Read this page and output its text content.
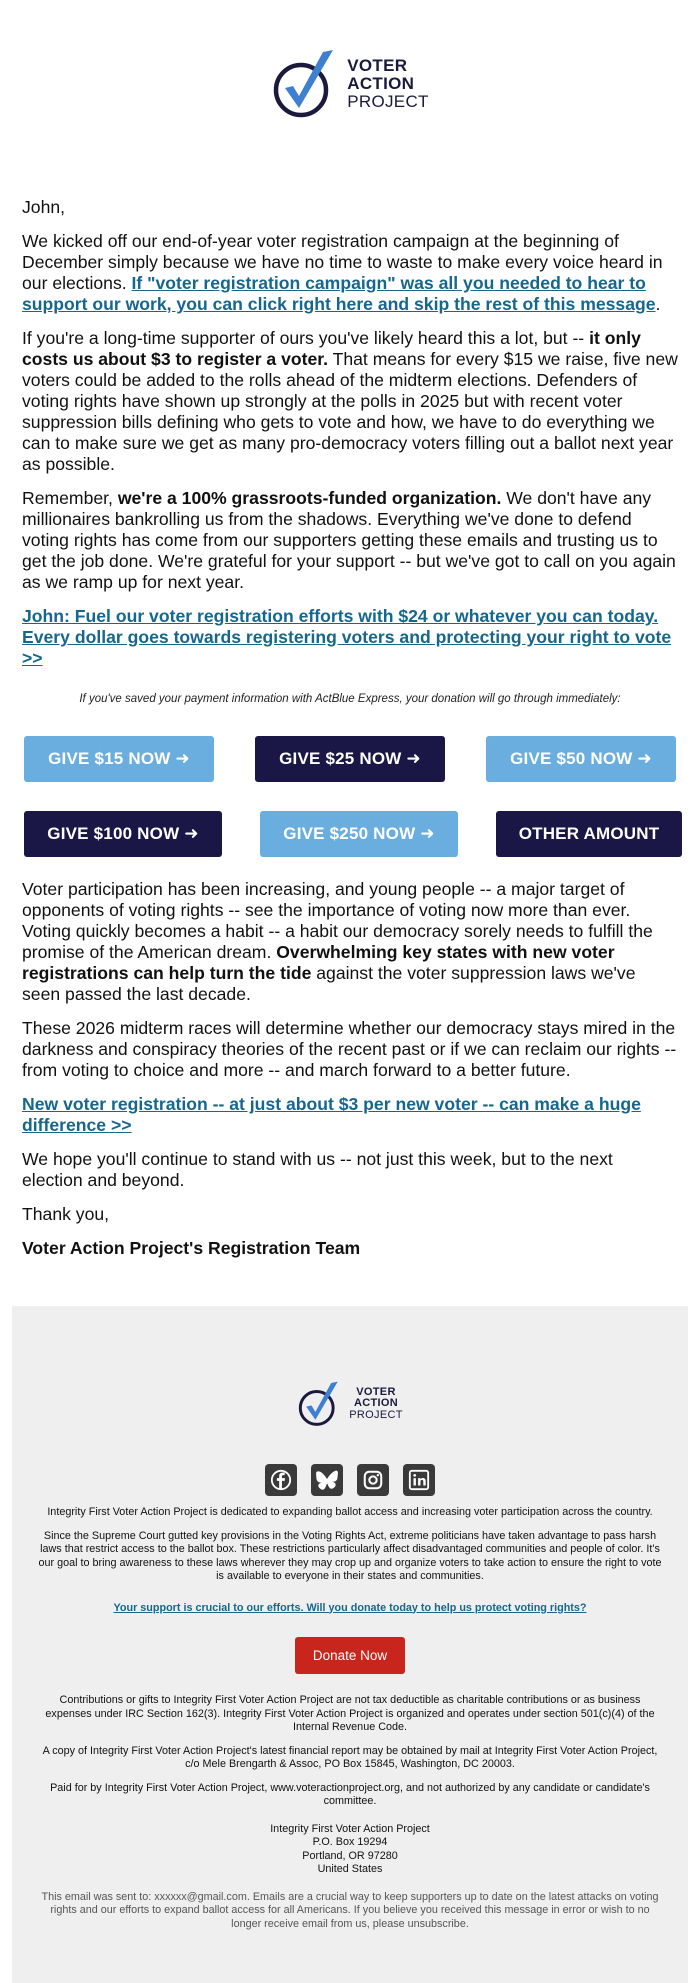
VOTER
ACTION
PROJECT

John,

We kicked off our end-of-year voter registration campaign at the beginning of December simply because we have no time to waste to make every voice heard in our elections. If "voter registration campaign" was all you needed to hear to support our work, you can click right here and skip the rest of this message.

If you're a long-time supporter of ours you've likely heard this a lot, but -- it only costs us about $3 to register a voter. That means for every $15 we raise, five new voters could be added to the rolls ahead of the midterm elections. Defenders of voting rights have shown up strongly at the polls in 2025 but with recent voter suppression bills defining who gets to vote and how, we have to do everything we can to make sure we get as many pro-democracy voters filling out a ballot next year as possible.

Remember, we're a 100% grassroots-funded organization. We don't have any millionaires bankrolling us from the shadows. Everything we've done to defend voting rights has come from our supporters getting these emails and trusting us to get the job done. We're grateful for your support -- but we've got to call on you again as we ramp up for next year.

John: Fuel our voter registration efforts with $24 or whatever you can today. Every dollar goes towards registering voters and protecting your right to vote >>
If you've saved your payment information with ActBlue Express, your donation will go through immediately:
GIVE $15 NOW ➜	GIVE $25 NOW ➜	GIVE $50 NOW ➜
GIVE $100 NOW ➜	GIVE $250 NOW ➜	OTHER AMOUNT

Voter participation has been increasing, and young people -- a major target of opponents of voting rights -- see the importance of voting now more than ever. Voting quickly becomes a habit -- a habit our democracy sorely needs to fulfill the promise of the American dream. Overwhelming key states with new voter registrations can help turn the tide against the voter suppression laws we've seen passed the last decade.

These 2026 midterm races will determine whether our democracy stays mired in the darkness and conspiracy theories of the recent past or if we can reclaim our rights -- from voting to choice and more -- and march forward to a better future.

New voter registration -- at just about $3 per new voter -- can make a huge difference >>

We hope you'll continue to stand with us -- not just this week, but to the next election and beyond.

Thank you,

Voter Action Project's Registration Team

VOTER
ACTION
PROJECT

Integrity First Voter Action Project is dedicated to expanding ballot access and increasing voter participation across the country.

Since the Supreme Court gutted key provisions in the Voting Rights Act, extreme politicians have taken advantage to pass harsh laws that restrict access to the ballot box. These restrictions particularly affect disadvantaged communities and people of color. It's our goal to bring awareness to these laws wherever they may crop up and organize voters to take action to ensure the right to vote is available to everyone in their states and communities.

Your support is crucial to our efforts. Will you donate today to help us protect voting rights?
Donate Now

Contributions or gifts to Integrity First Voter Action Project are not tax deductible as charitable contributions or as business expenses under IRC Section 162(3). Integrity First Voter Action Project is organized and operates under section 501(c)(4) of the Internal Revenue Code.

A copy of Integrity First Voter Action Project's latest financial report may be obtained by mail at Integrity First Voter Action Project, c/o Mele Brengarth & Assoc, PO Box 15845, Washington, DC 20003.

Paid for by Integrity First Voter Action Project, www.voteractionproject.org, and not authorized by any candidate or candidate's committee.

Integrity First Voter Action Project
P.O. Box 19294
Portland, OR 97280
United States

This email was sent to: xxxxxx@gmail.com. Emails are a crucial way to keep supporters up to date on the latest attacks on voting rights and our efforts to expand ballot access for all Americans. If you believe you received this message in error or wish to no longer receive email from us, please unsubscribe.
